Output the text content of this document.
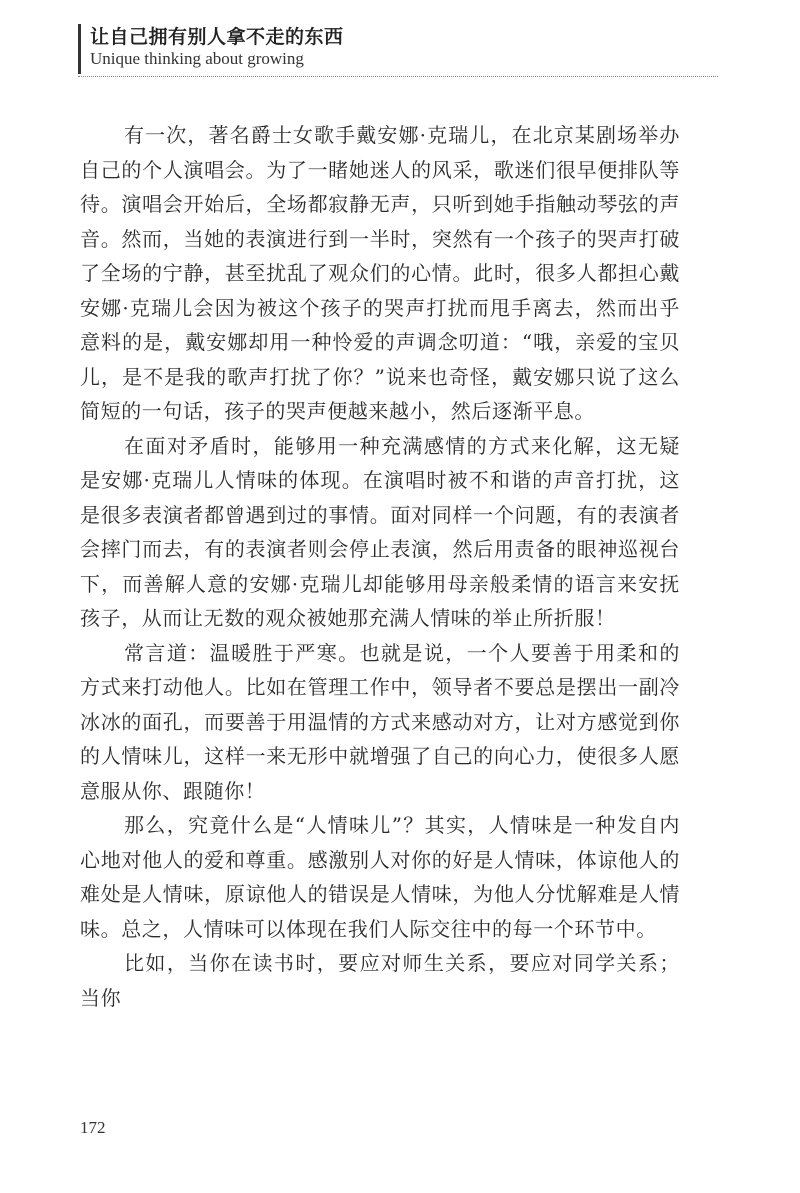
让自己拥有别人拿不走的东西
Unique thinking about growing

有一次，著名爵士女歌手戴安娜·克瑞儿，在北京某剧场举办自己的个人演唱会。为了一睹她迷人的风采，歌迷们很早便排队等待。演唱会开始后，全场都寂静无声，只听到她手指触动琴弦的声音。然而，当她的表演进行到一半时，突然有一个孩子的哭声打破了全场的宁静，甚至扰乱了观众们的心情。此时，很多人都担心戴安娜·克瑞儿会因为被这个孩子的哭声打扰而甩手离去，然而出乎意料的是，戴安娜却用一种怜爱的声调念叨道：“哦，亲爱的宝贝儿，是不是我的歌声打扰了你？”说来也奇怪，戴安娜只说了这么简短的一句话，孩子的哭声便越来越小，然后逐渐平息。

在面对矛盾时，能够用一种充满感情的方式来化解，这无疑是安娜·克瑞儿人情味的体现。在演唱时被不和谐的声音打扰，这是很多表演者都曾遇到过的事情。面对同样一个问题，有的表演者会摔门而去，有的表演者则会停止表演，然后用责备的眼神巡视台下，而善解人意的安娜·克瑞儿却能够用母亲般柔情的语言来安抚孩子，从而让无数的观众被她那充满人情味的举止所折服！

常言道：温暖胜于严寒。也就是说，一个人要善于用柔和的方式来打动他人。比如在管理工作中，领导者不要总是摆出一副冷冰冰的面孔，而要善于用温情的方式来感动对方，让对方感觉到你的人情味儿，这样一来无形中就增强了自己的向心力，使很多人愿意服从你、跟随你！

那么，究竟什么是“人情味儿”？其实，人情味是一种发自内心地对他人的爱和尊重。感激别人对你的好是人情味，体谅他人的难处是人情味，原谅他人的错误是人情味，为他人分忧解难是人情味。总之，人情味可以体现在我们人际交往中的每一个环节中。

比如，当你在读书时，要应对师生关系，要应对同学关系；当你

172
